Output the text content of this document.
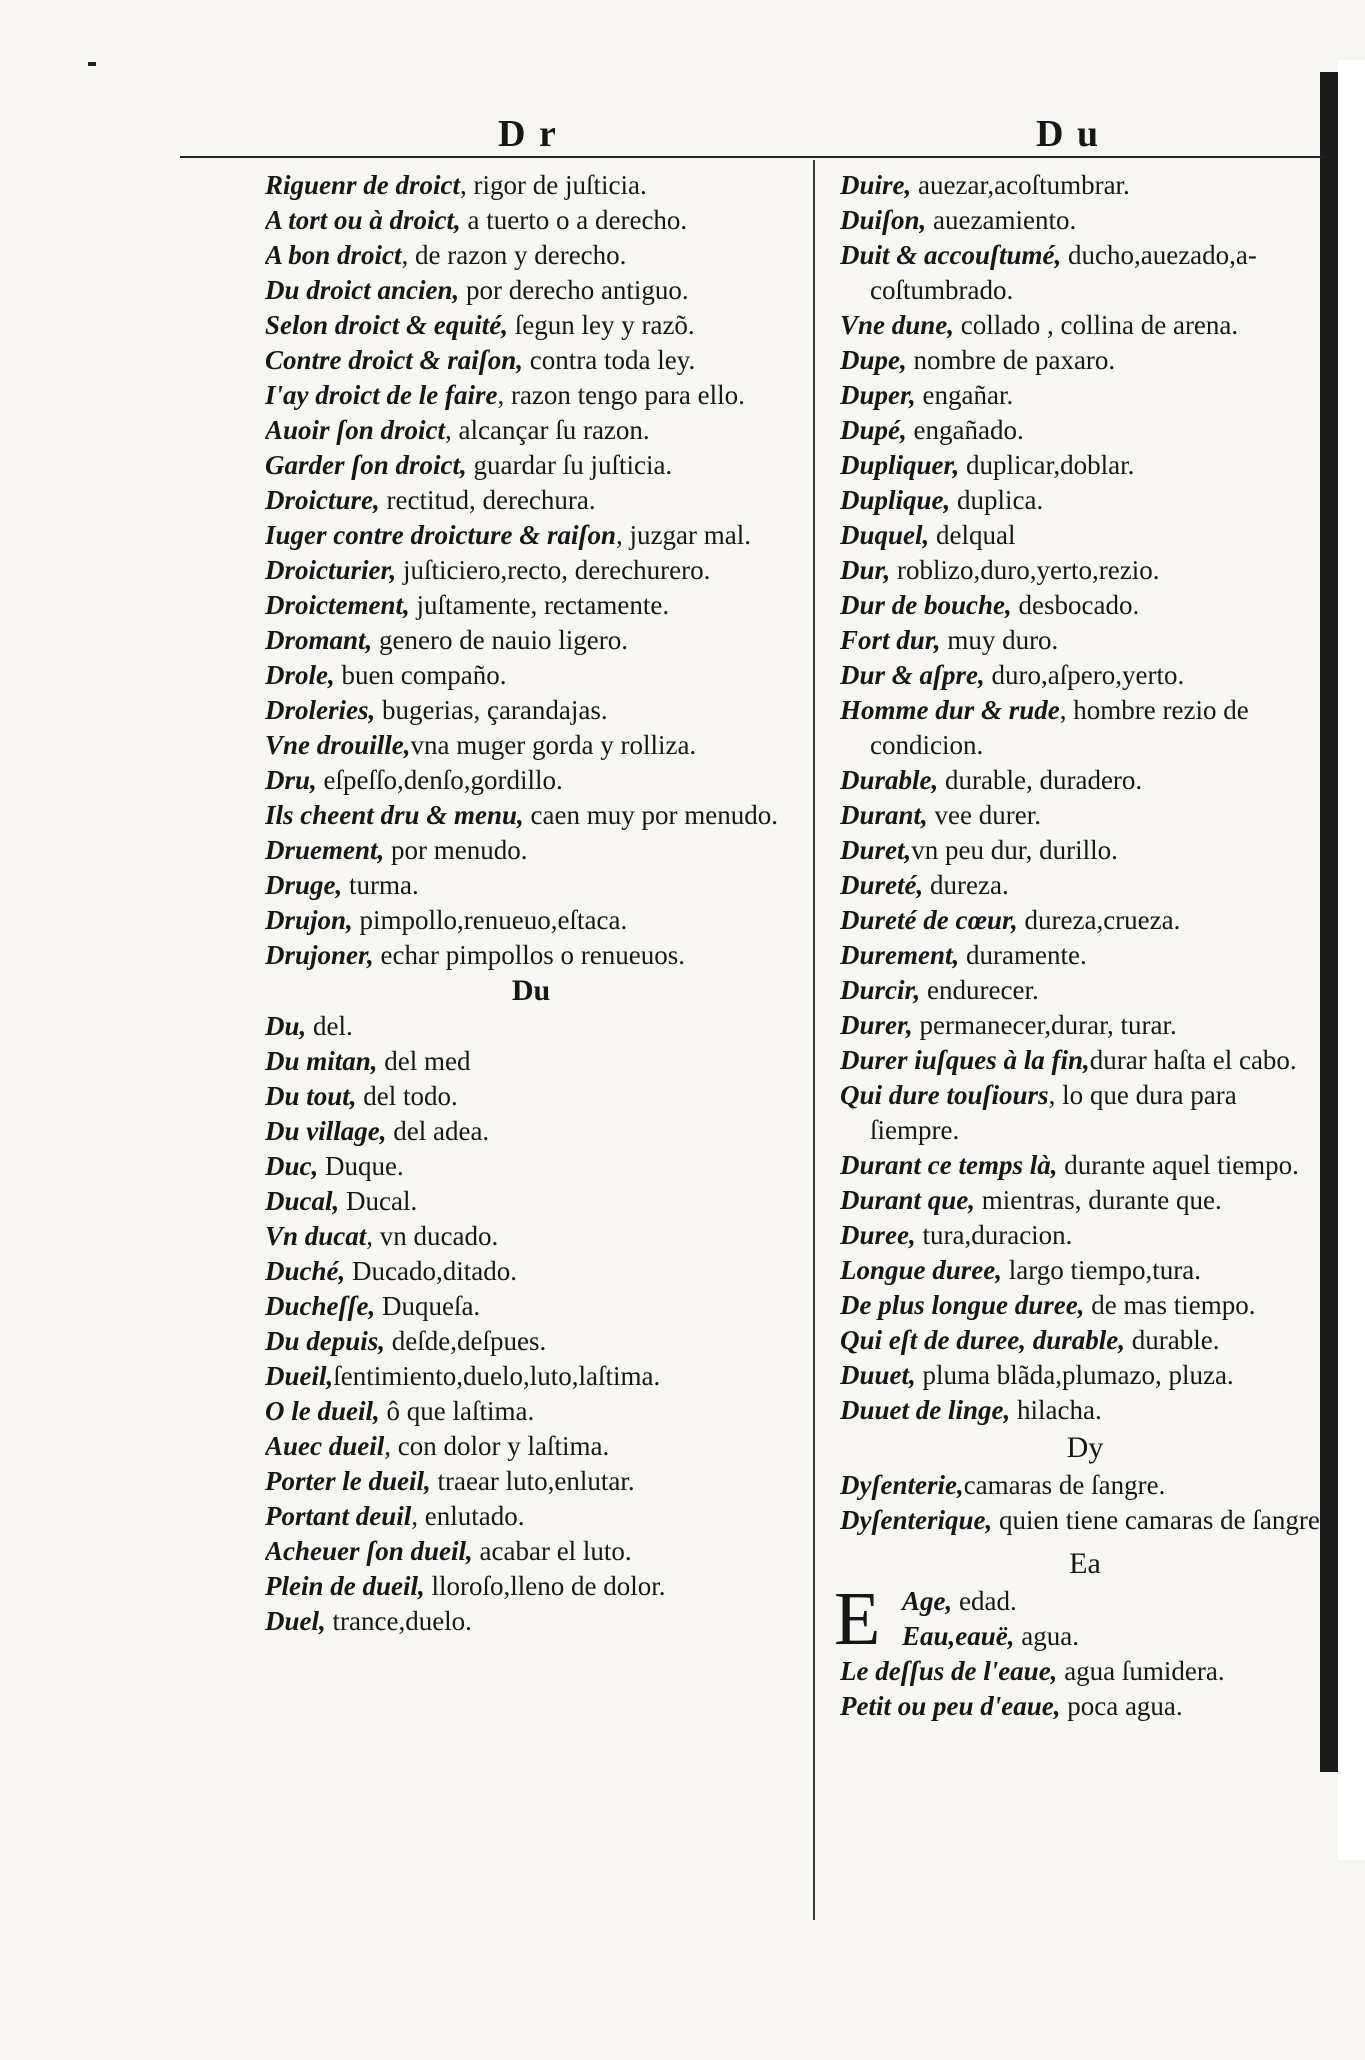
D r	D u
Riguenr de droict, rigor de juſticia.
A tort ou à droict, a tuerto o a derecho.
A bon droict, de razon y derecho.
Du droict ancien, por derecho antiguo.
Selon droict & equité, ſegun ley y razõ.
Contre droict & raiſon, contra toda ley.
I'ay droict de le faire, razon tengo para ello.
Auoir ſon droict, alcançar ſu razon.
Garder ſon droict, guardar ſu juſticia.
Droicture, rectitud, derechura.
Iuger contre droicture & raiſon, juzgar mal.
Droicturier, juſticiero,recto, derechurero.
Droictement, juſtamente, rectamente.
Dromant, genero de nauio ligero.
Drole, buen compaño.
Droleries, bugerias, çarandajas.
Vne drouille,vna muger gorda y rolliza.
Dru, eſpeſſo,denſo,gordillo.
Ils cheent dru & menu, caen muy por menudo.
Druement, por menudo.
Druge, turma.
Drujon, pimpollo,renueuo,eſtaca.
Drujoner, echar pimpollos o renueuos.
Du
Du, del.
Du mitan, del med
Du tout, del todo.
Du village, del adea.
Duc, Duque.
Ducal, Ducal.
Vn ducat, vn ducado.
Duché, Ducado,ditado.
Ducheſſe, Duqueſa.
Du depuis, deſde,deſpues.
Dueil,ſentimiento,duelo,luto,laſtima.
O le dueil, ô que laſtima.
Auec dueil, con dolor y laſtima.
Porter le dueil, traear luto,enlutar.
Portant deuil, enlutado.
Acheuer ſon dueil, acabar el luto.
Plein de dueil, lloroſo,lleno de dolor.
Duel, trance,duelo.
Duire, auezar,acoſtumbrar.
Duiſon, auezamiento.
Duit & accouſtumé, ducho,auezado,a-coſtumbrado.
Vne dune, collado , collina de arena.
Dupe, nombre de paxaro.
Duper, engañar.
Dupé, engañado.
Dupliquer, duplicar,doblar.
Duplique, duplica.
Duquel, delqual
Dur, roblizo,duro,yerto,rezio.
Dur de bouche, desbocado.
Fort dur, muy duro.
Dur & aſpre, duro,aſpero,yerto.
Homme dur & rude, hombre rezio de condicion.
Durable, durable, duradero.
Durant, vee durer.
Duret,vn peu dur, durillo.
Dureté, dureza.
Dureté de cœur, dureza,crueza.
Durement, duramente.
Durcir, endurecer.
Durer, permanecer,durar, turar.
Durer iuſques à la fin,durar haſta el cabo.
Qui dure touſiours, lo que dura para ſiempre.
Durant ce temps là, durante aquel tiempo.
Durant que, mientras, durante que.
Duree, tura,duracion.
Longue duree, largo tiempo,tura.
De plus longue duree, de mas tiempo.
Qui eſt de duree, durable, durable.
Duuet, pluma blãda,plumazo, pluza.
Duuet de linge, hilacha.
Dy
Dyſenterie,camaras de ſangre.
Dyſenterique, quien tiene camaras de ſangre.
Ea
E Age, edad.
Eau,eauë, agua.
Le deſſus de l'eaue, agua ſumidera.
Petit ou peu d'eaue, poca agua.
